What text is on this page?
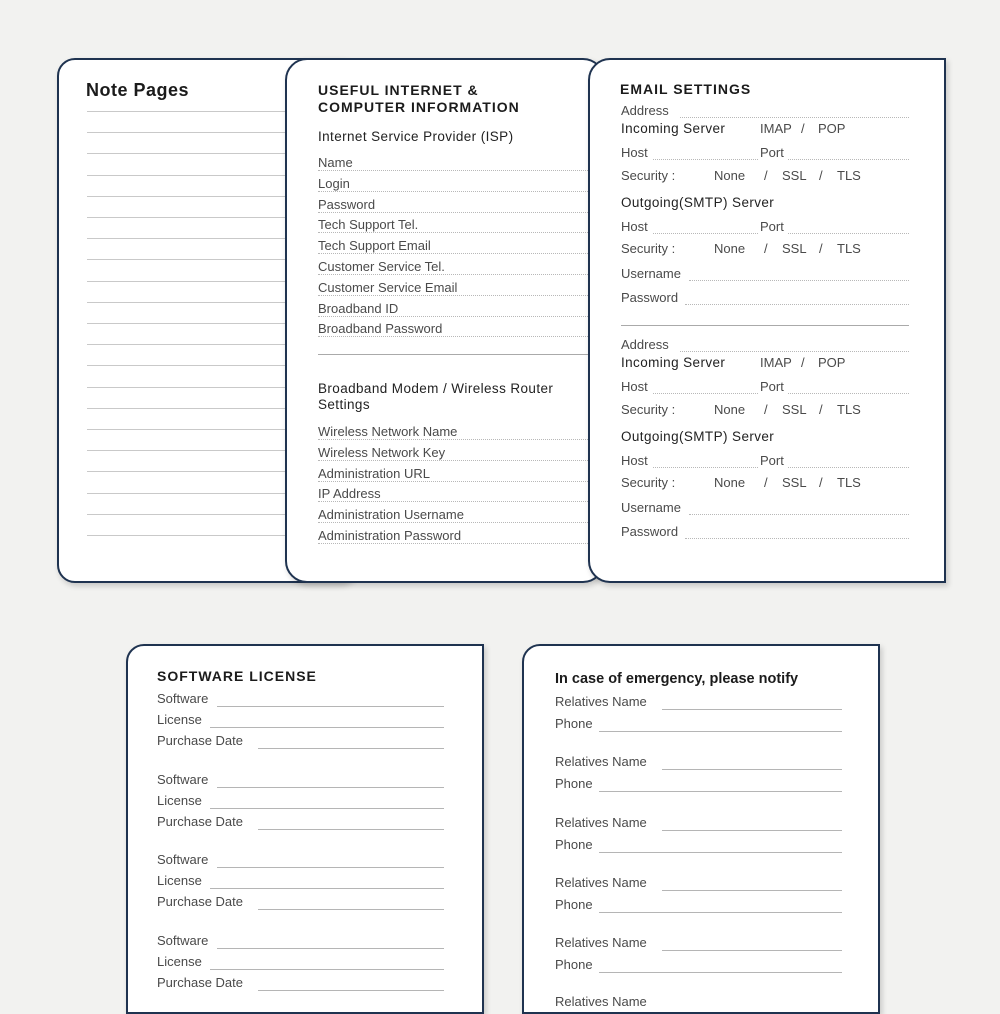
Note Pages	USEFUL INTERNET &
COMPUTER INFORMATION
Internet Service Provider (ISP)
Name
Login
Password
Tech Support Tel.
Tech Support Email
Customer Service Tel.
Customer Service Email
Broadband ID
Broadband Password
Broadband Modem / Wireless Router
Settings
Wireless Network Name
Wireless Network Key
Administration URL
IP Address
Administration Username
Administration Password
EMAIL SETTINGS
Address
Incoming Server	IMAP / POP
Host	Port
Security :	None / SSL / TLS
Outgoing(SMTP) Server
Host	Port
Security :	None / SSL / TLS
Username
Password
Address
Incoming Server	IMAP / POP
Host	Port
Security :	None / SSL / TLS
Outgoing(SMTP) Server
Host	Port
Security :	None / SSL / TLS
Username
Password
SOFTWARE LICENSE
Software
License
Purchase Date
Software
License
Purchase Date
Software
License
Purchase Date
Software
License
Purchase Date
In case of emergency, please notify
Relatives Name
Phone
Relatives Name
Phone
Relatives Name
Phone
Relatives Name
Phone
Relatives Name
Phone
Relatives Name
